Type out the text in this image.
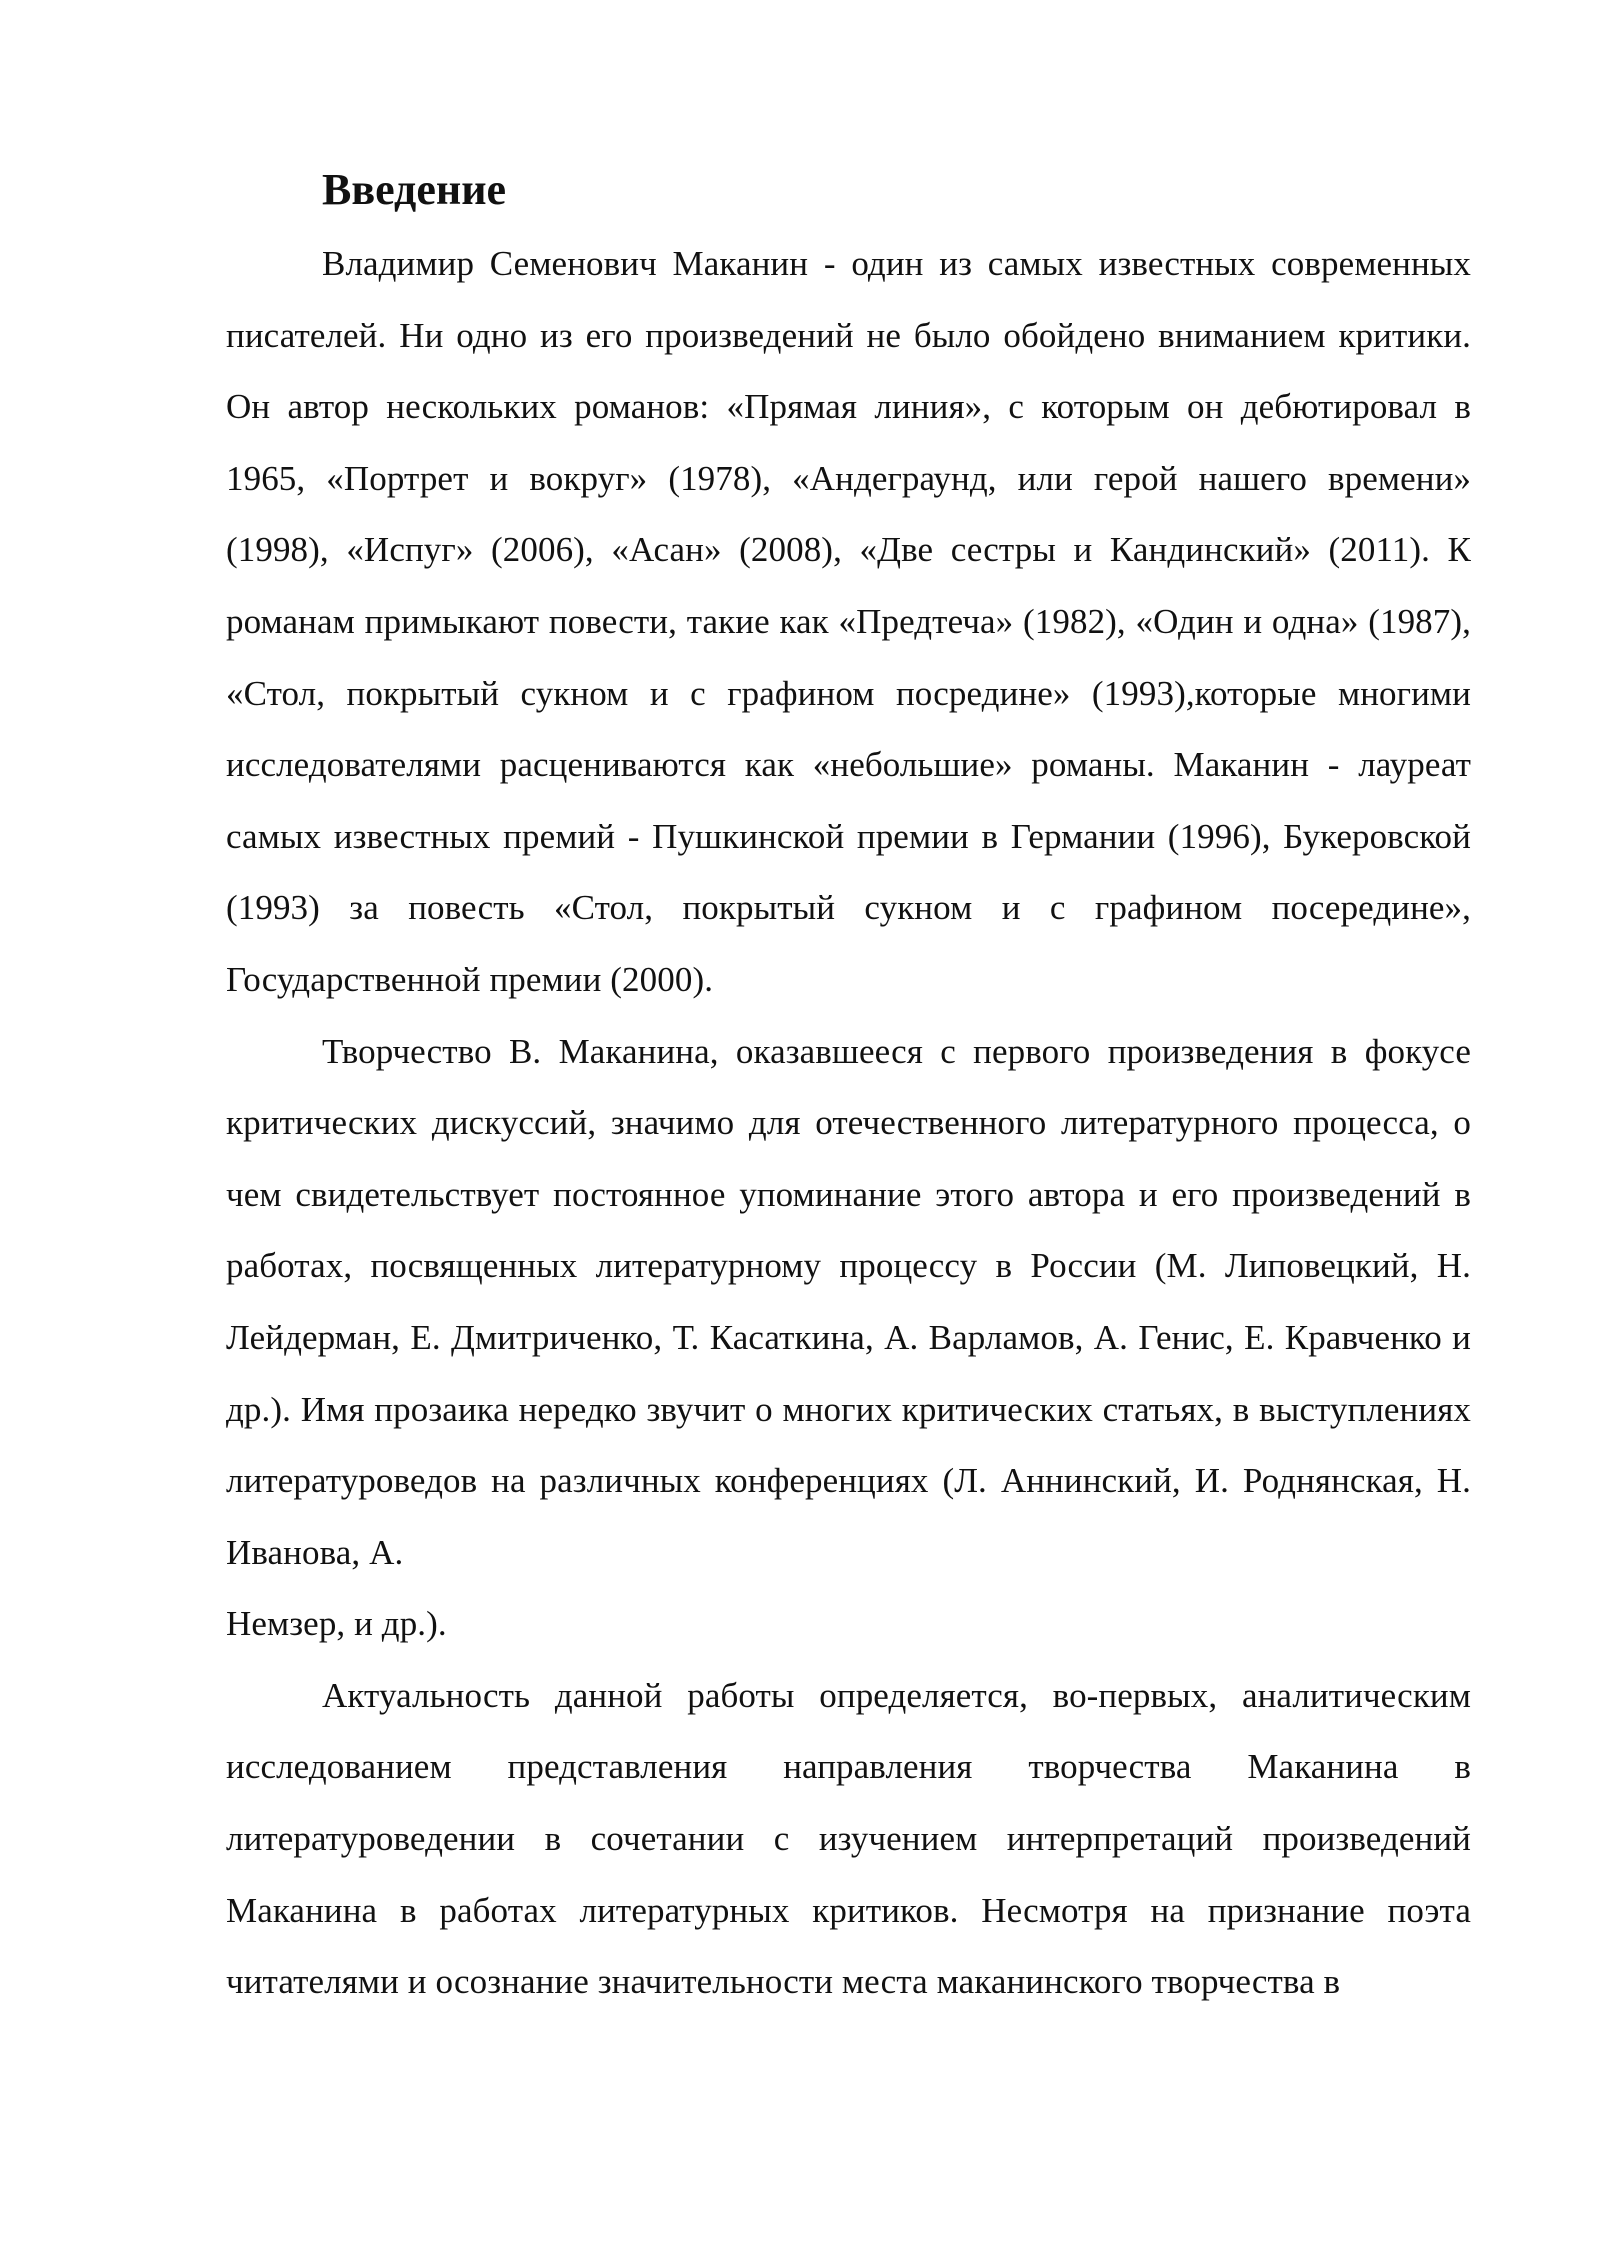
Введение

Владимир Семенович Маканин - один из самых известных современных писателей. Ни одно из его произведений не было обойдено вниманием критики. Он автор нескольких романов: «Прямая линия», с которым он дебютировал в 1965, «Портрет и вокруг» (1978), «Андеграунд, или герой нашего времени» (1998), «Испуг» (2006), «Асан» (2008), «Две сестры и Кандинский» (2011). К романам примыкают повести, такие как «Предтеча» (1982), «Один и одна» (1987), «Стол, покрытый сукном и с графином посредине» (1993),которые многими исследователями расцениваются как «небольшие» романы. Маканин - лауреат самых известных премий - Пушкинской премии в Германии (1996), Букеровской (1993) за повесть «Стол, покрытый сукном и с графином посередине», Государственной премии (2000).

Творчество В. Маканина, оказавшееся с первого произведения в фокусе критических дискуссий, значимо для отечественного литературного процесса, о чем свидетельствует постоянное упоминание этого автора и его произведений в работах, посвященных литературному процессу в России (М. Липовецкий, Н. Лейдерман, Е. Дмитриченко, Т. Касаткина, А. Варламов, А. Генис, Е. Кравченко и др.). Имя прозаика нередко звучит о многих критических статьях, в выступлениях литературоведов на различных конференциях (Л. Аннинский, И. Роднянская, Н. Иванова, А.

Немзер, и др.).

Актуальность данной работы определяется, во-первых, аналитическим исследованием представления направления творчества Маканина в литературоведении в сочетании с изучением интерпретаций произведений Маканина в работах литературных критиков. Несмотря на признание поэта читателями и осознание значительности места маканинского творчества в
